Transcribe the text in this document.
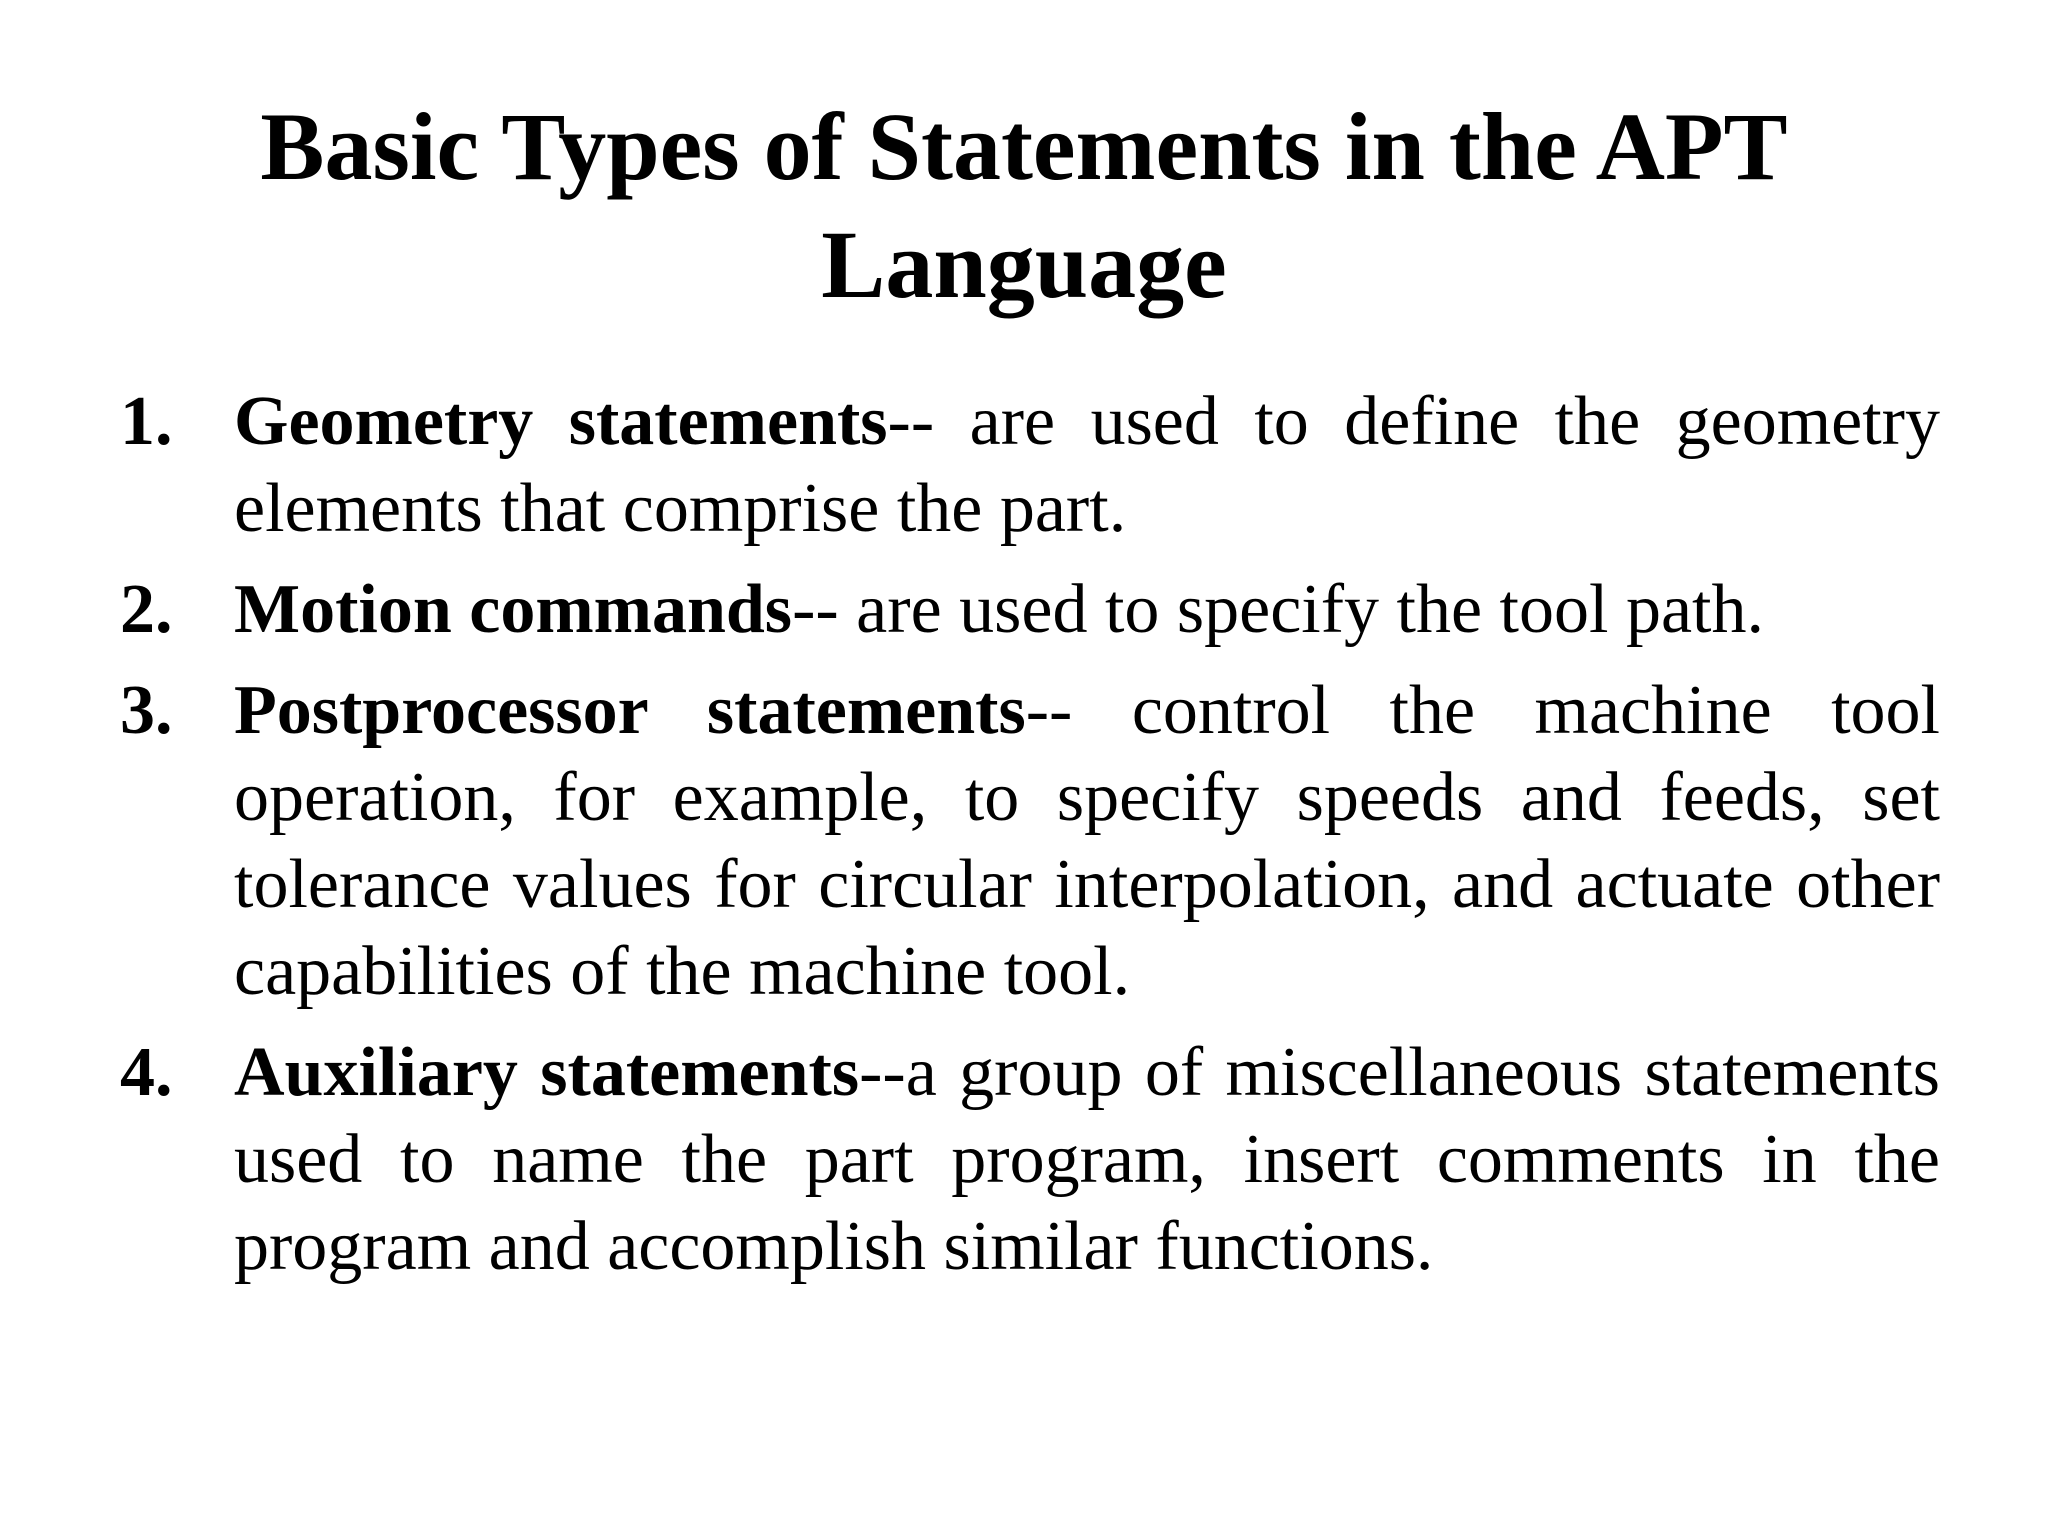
Basic Types of Statements in the APT Language
1. Geometry statements-- are used to define the geometry elements that comprise the part.
2. Motion commands-- are used to specify the tool path.
3. Postprocessor statements-- control the machine tool operation, for example, to specify speeds and feeds, set tolerance values for circular interpolation, and actuate other capabilities of the machine tool.
4. Auxiliary statements--a group of miscellaneous statements used to name the part program, insert comments in the program and accomplish similar functions.
